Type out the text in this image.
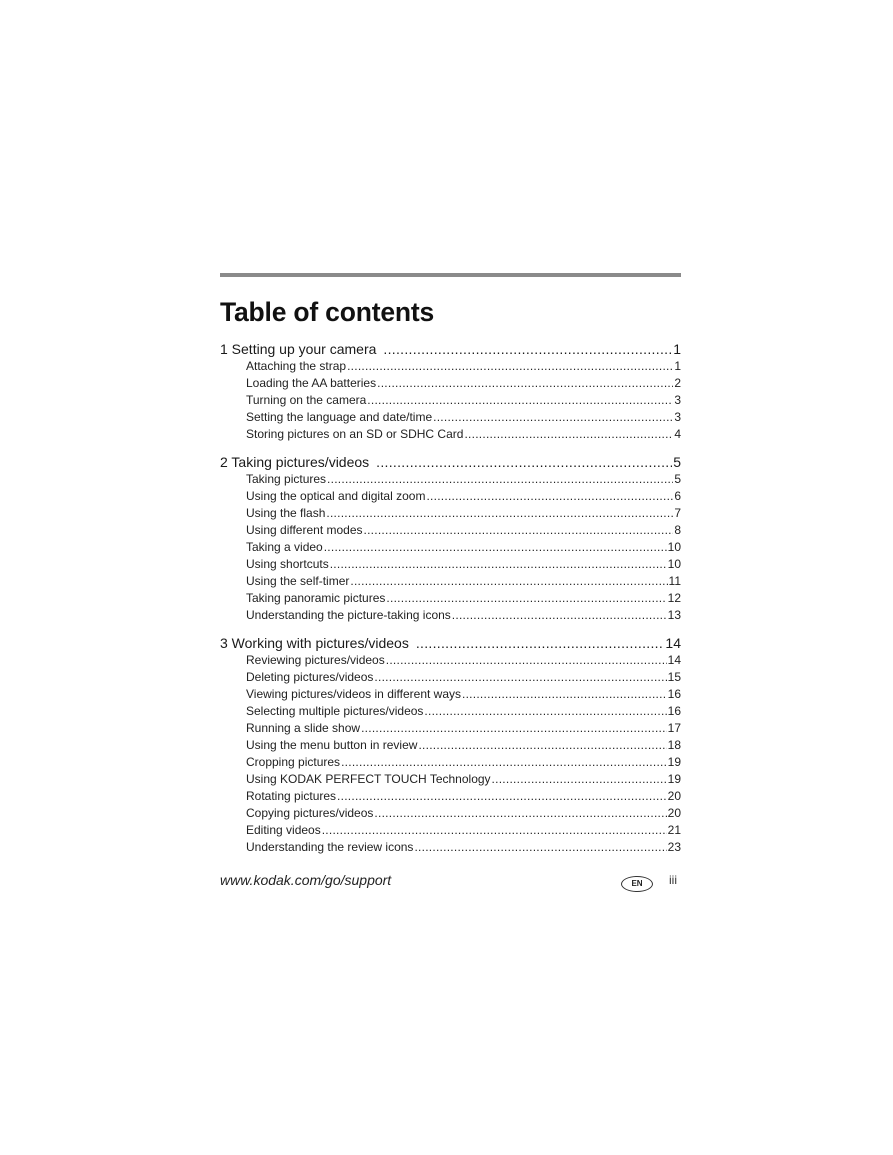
Table of contents
1 Setting up your camera .....	1
Attaching the strap .....	1
Loading the AA batteries .....	2
Turning on the camera .....	3
Setting the language and date/time .....	3
Storing pictures on an SD or SDHC Card .....	4
2 Taking pictures/videos .....	5
Taking pictures .....	5
Using the optical and digital zoom .....	6
Using the flash .....	7
Using different modes .....	8
Taking a video .....	10
Using shortcuts .....	10
Using the self-timer .....	11
Taking panoramic pictures .....	12
Understanding the picture-taking icons .....	13
3 Working with pictures/videos .....	14
Reviewing pictures/videos .....	14
Deleting pictures/videos .....	15
Viewing pictures/videos in different ways .....	16
Selecting multiple pictures/videos .....	16
Running a slide show .....	17
Using the menu button in review .....	18
Cropping pictures .....	19
Using KODAK PERFECT TOUCH Technology .....	19
Rotating pictures .....	20
Copying pictures/videos .....	20
Editing videos .....	21
Understanding the review icons .....	23
www.kodak.com/go/support	EN	iii
